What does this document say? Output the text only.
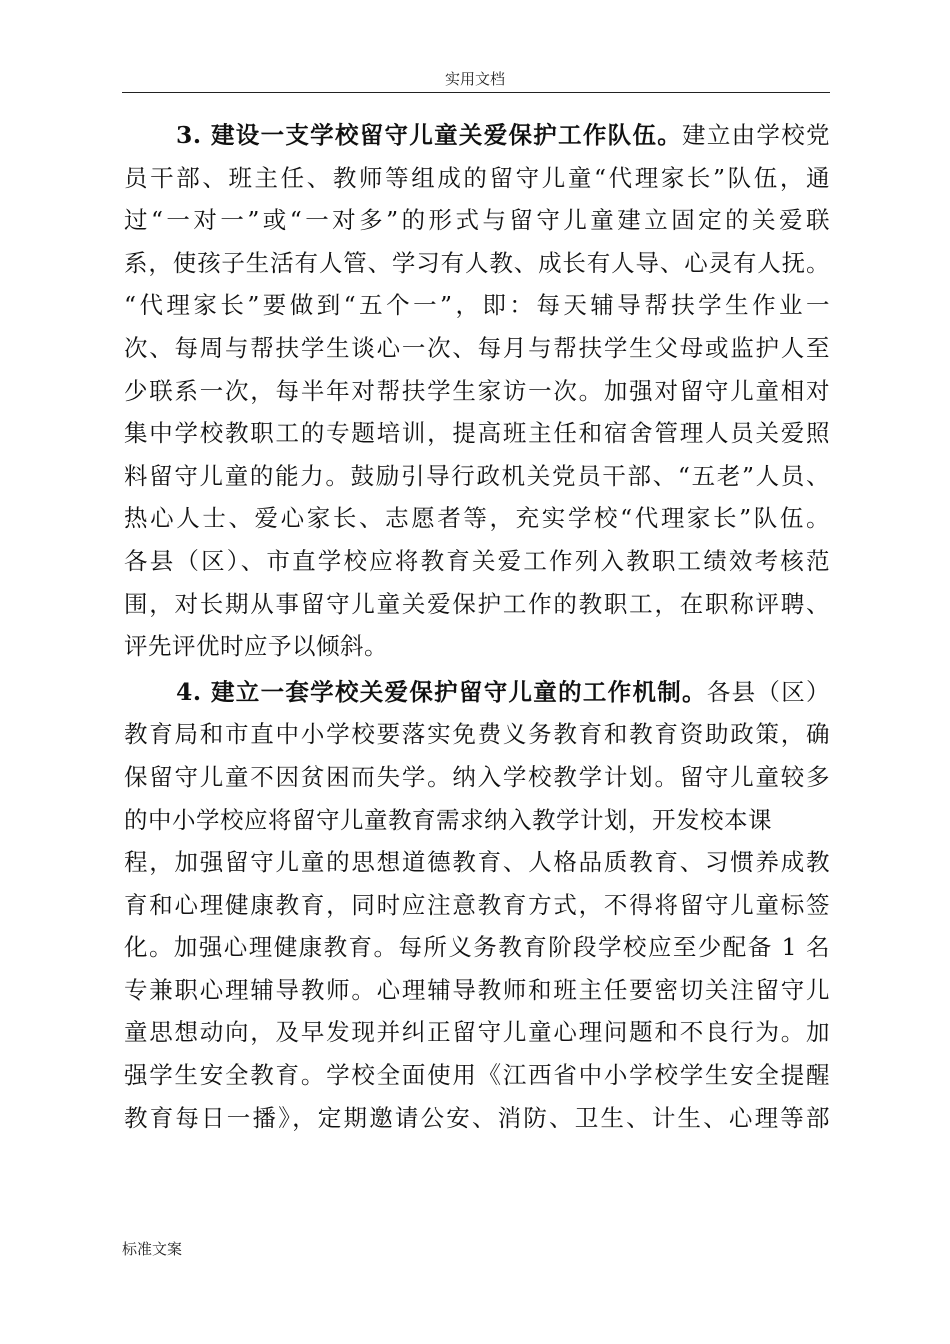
实用文档
3. 建设一支学校留守儿童关爱保护工作队伍。建立由学校党
员干部、班主任、教师等组成的留守儿童“代理家长”队伍，通
过“一对一”或“一对多”的形式与留守儿童建立固定的关爱联
系，使孩子生活有人管、学习有人教、成长有人导、心灵有人抚。
“代理家长”要做到“五个一”，即：每天辅导帮扶学生作业一
次、每周与帮扶学生谈心一次、每月与帮扶学生父母或监护人至
少联系一次，每半年对帮扶学生家访一次。加强对留守儿童相对
集中学校教职工的专题培训，提高班主任和宿舍管理人员关爱照
料留守儿童的能力。鼓励引导行政机关党员干部、“五老”人员、
热心人士、爱心家长、志愿者等，充实学校“代理家长”队伍。
各县（区）、市直学校应将教育关爱工作列入教职工绩效考核范
围，对长期从事留守儿童关爱保护工作的教职工，在职称评聘、
评先评优时应予以倾斜。
4. 建立一套学校关爱保护留守儿童的工作机制。各县（区）
教育局和市直中小学校要落实免费义务教育和教育资助政策，确
保留守儿童不因贫困而失学。纳入学校教学计划。留守儿童较多
的中小学校应将留守儿童教育需求纳入教学计划，开发校本课
程，加强留守儿童的思想道德教育、人格品质教育、习惯养成教
育和心理健康教育，同时应注意教育方式，不得将留守儿童标签
化。加强心理健康教育。每所义务教育阶段学校应至少配备 1 名
专兼职心理辅导教师。心理辅导教师和班主任要密切关注留守儿
童思想动向，及早发现并纠正留守儿童心理问题和不良行为。加
强学生安全教育。学校全面使用《江西省中小学校学生安全提醒
教育每日一播》，定期邀请公安、消防、卫生、计生、心理等部
标准文案
